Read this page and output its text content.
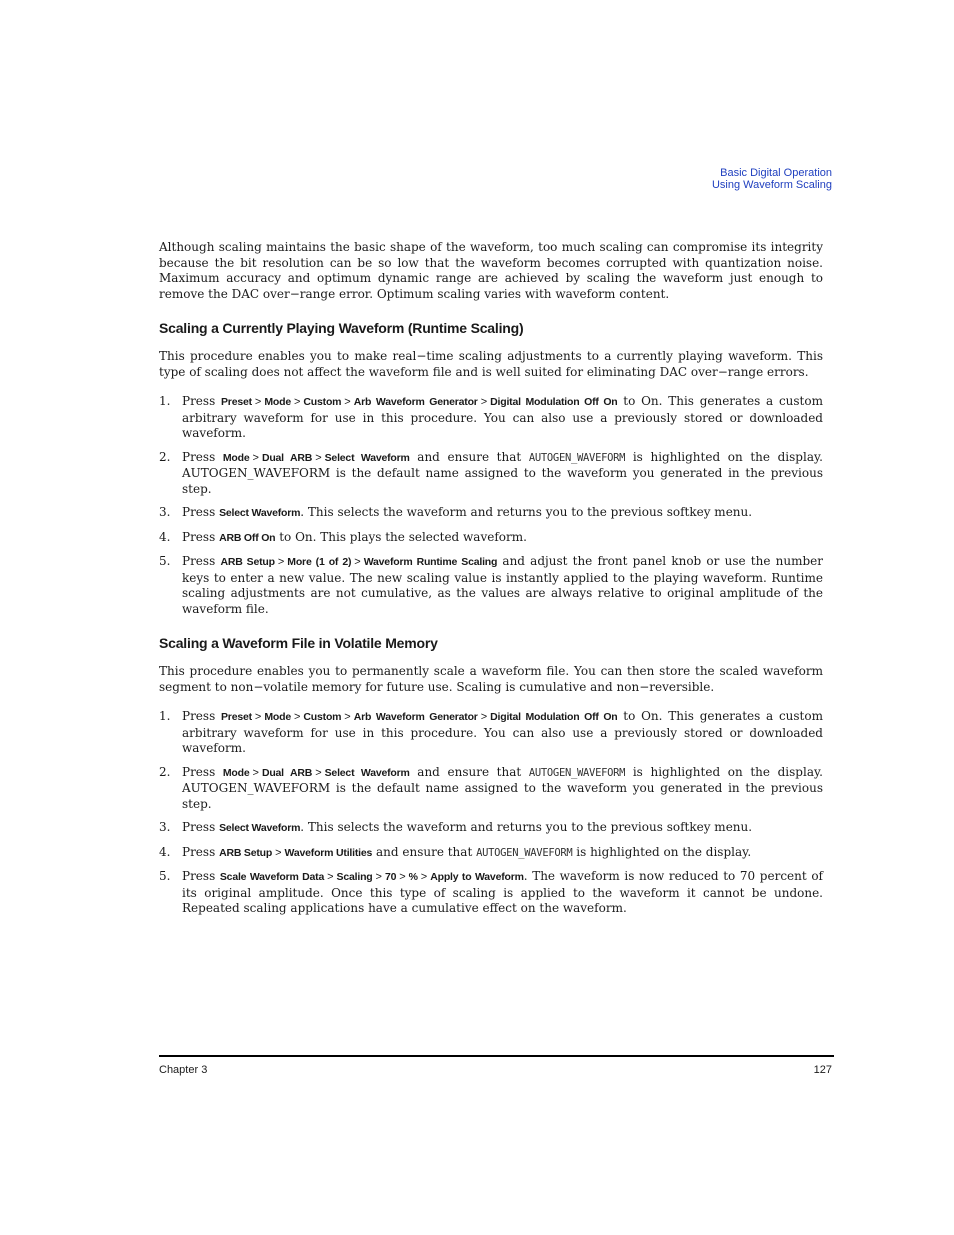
Basic Digital Operation
Using Waveform Scaling

Although scaling maintains the basic shape of the waveform, too much scaling can compromise its integrity because the bit resolution can be so low that the waveform becomes corrupted with quantization noise. Maximum accuracy and optimum dynamic range are achieved by scaling the waveform just enough to remove the DAC over−range error. Optimum scaling varies with waveform content.

Scaling a Currently Playing Waveform (Runtime Scaling)

This procedure enables you to make real−time scaling adjustments to a currently playing waveform. This type of scaling does not affect the waveform file and is well suited for eliminating DAC over−range errors.

1. Press Preset > Mode > Custom > Arb Waveform Generator > Digital Modulation Off On to On. This generates a custom arbitrary waveform for use in this procedure. You can also use a previously stored or downloaded waveform.
2. Press Mode > Dual ARB > Select Waveform and ensure that AUTOGEN_WAVEFORM is highlighted on the display. AUTOGEN_WAVEFORM is the default name assigned to the waveform you generated in the previous step.
3. Press Select Waveform. This selects the waveform and returns you to the previous softkey menu.
4. Press ARB Off On to On. This plays the selected waveform.
5. Press ARB Setup > More (1 of 2) > Waveform Runtime Scaling and adjust the front panel knob or use the number keys to enter a new value. The new scaling value is instantly applied to the playing waveform. Runtime scaling adjustments are not cumulative, as the values are always relative to original amplitude of the waveform file.
Scaling a Waveform File in Volatile Memory

This procedure enables you to permanently scale a waveform file. You can then store the scaled waveform segment to non−volatile memory for future use. Scaling is cumulative and non−reversible.

1. Press Preset > Mode > Custom > Arb Waveform Generator > Digital Modulation Off On to On. This generates a custom arbitrary waveform for use in this procedure. You can also use a previously stored or downloaded waveform.
2. Press Mode > Dual ARB > Select Waveform and ensure that AUTOGEN_WAVEFORM is highlighted on the display. AUTOGEN_WAVEFORM is the default name assigned to the waveform you generated in the previous step.
3. Press Select Waveform. This selects the waveform and returns you to the previous softkey menu.
4. Press ARB Setup > Waveform Utilities and ensure that AUTOGEN_WAVEFORM is highlighted on the display.
5. Press Scale Waveform Data > Scaling > 70 > % > Apply to Waveform. The waveform is now reduced to 70 percent of its original amplitude. Once this type of scaling is applied to the waveform it cannot be undone. Repeated scaling applications have a cumulative effect on the waveform.
Chapter 3	127
